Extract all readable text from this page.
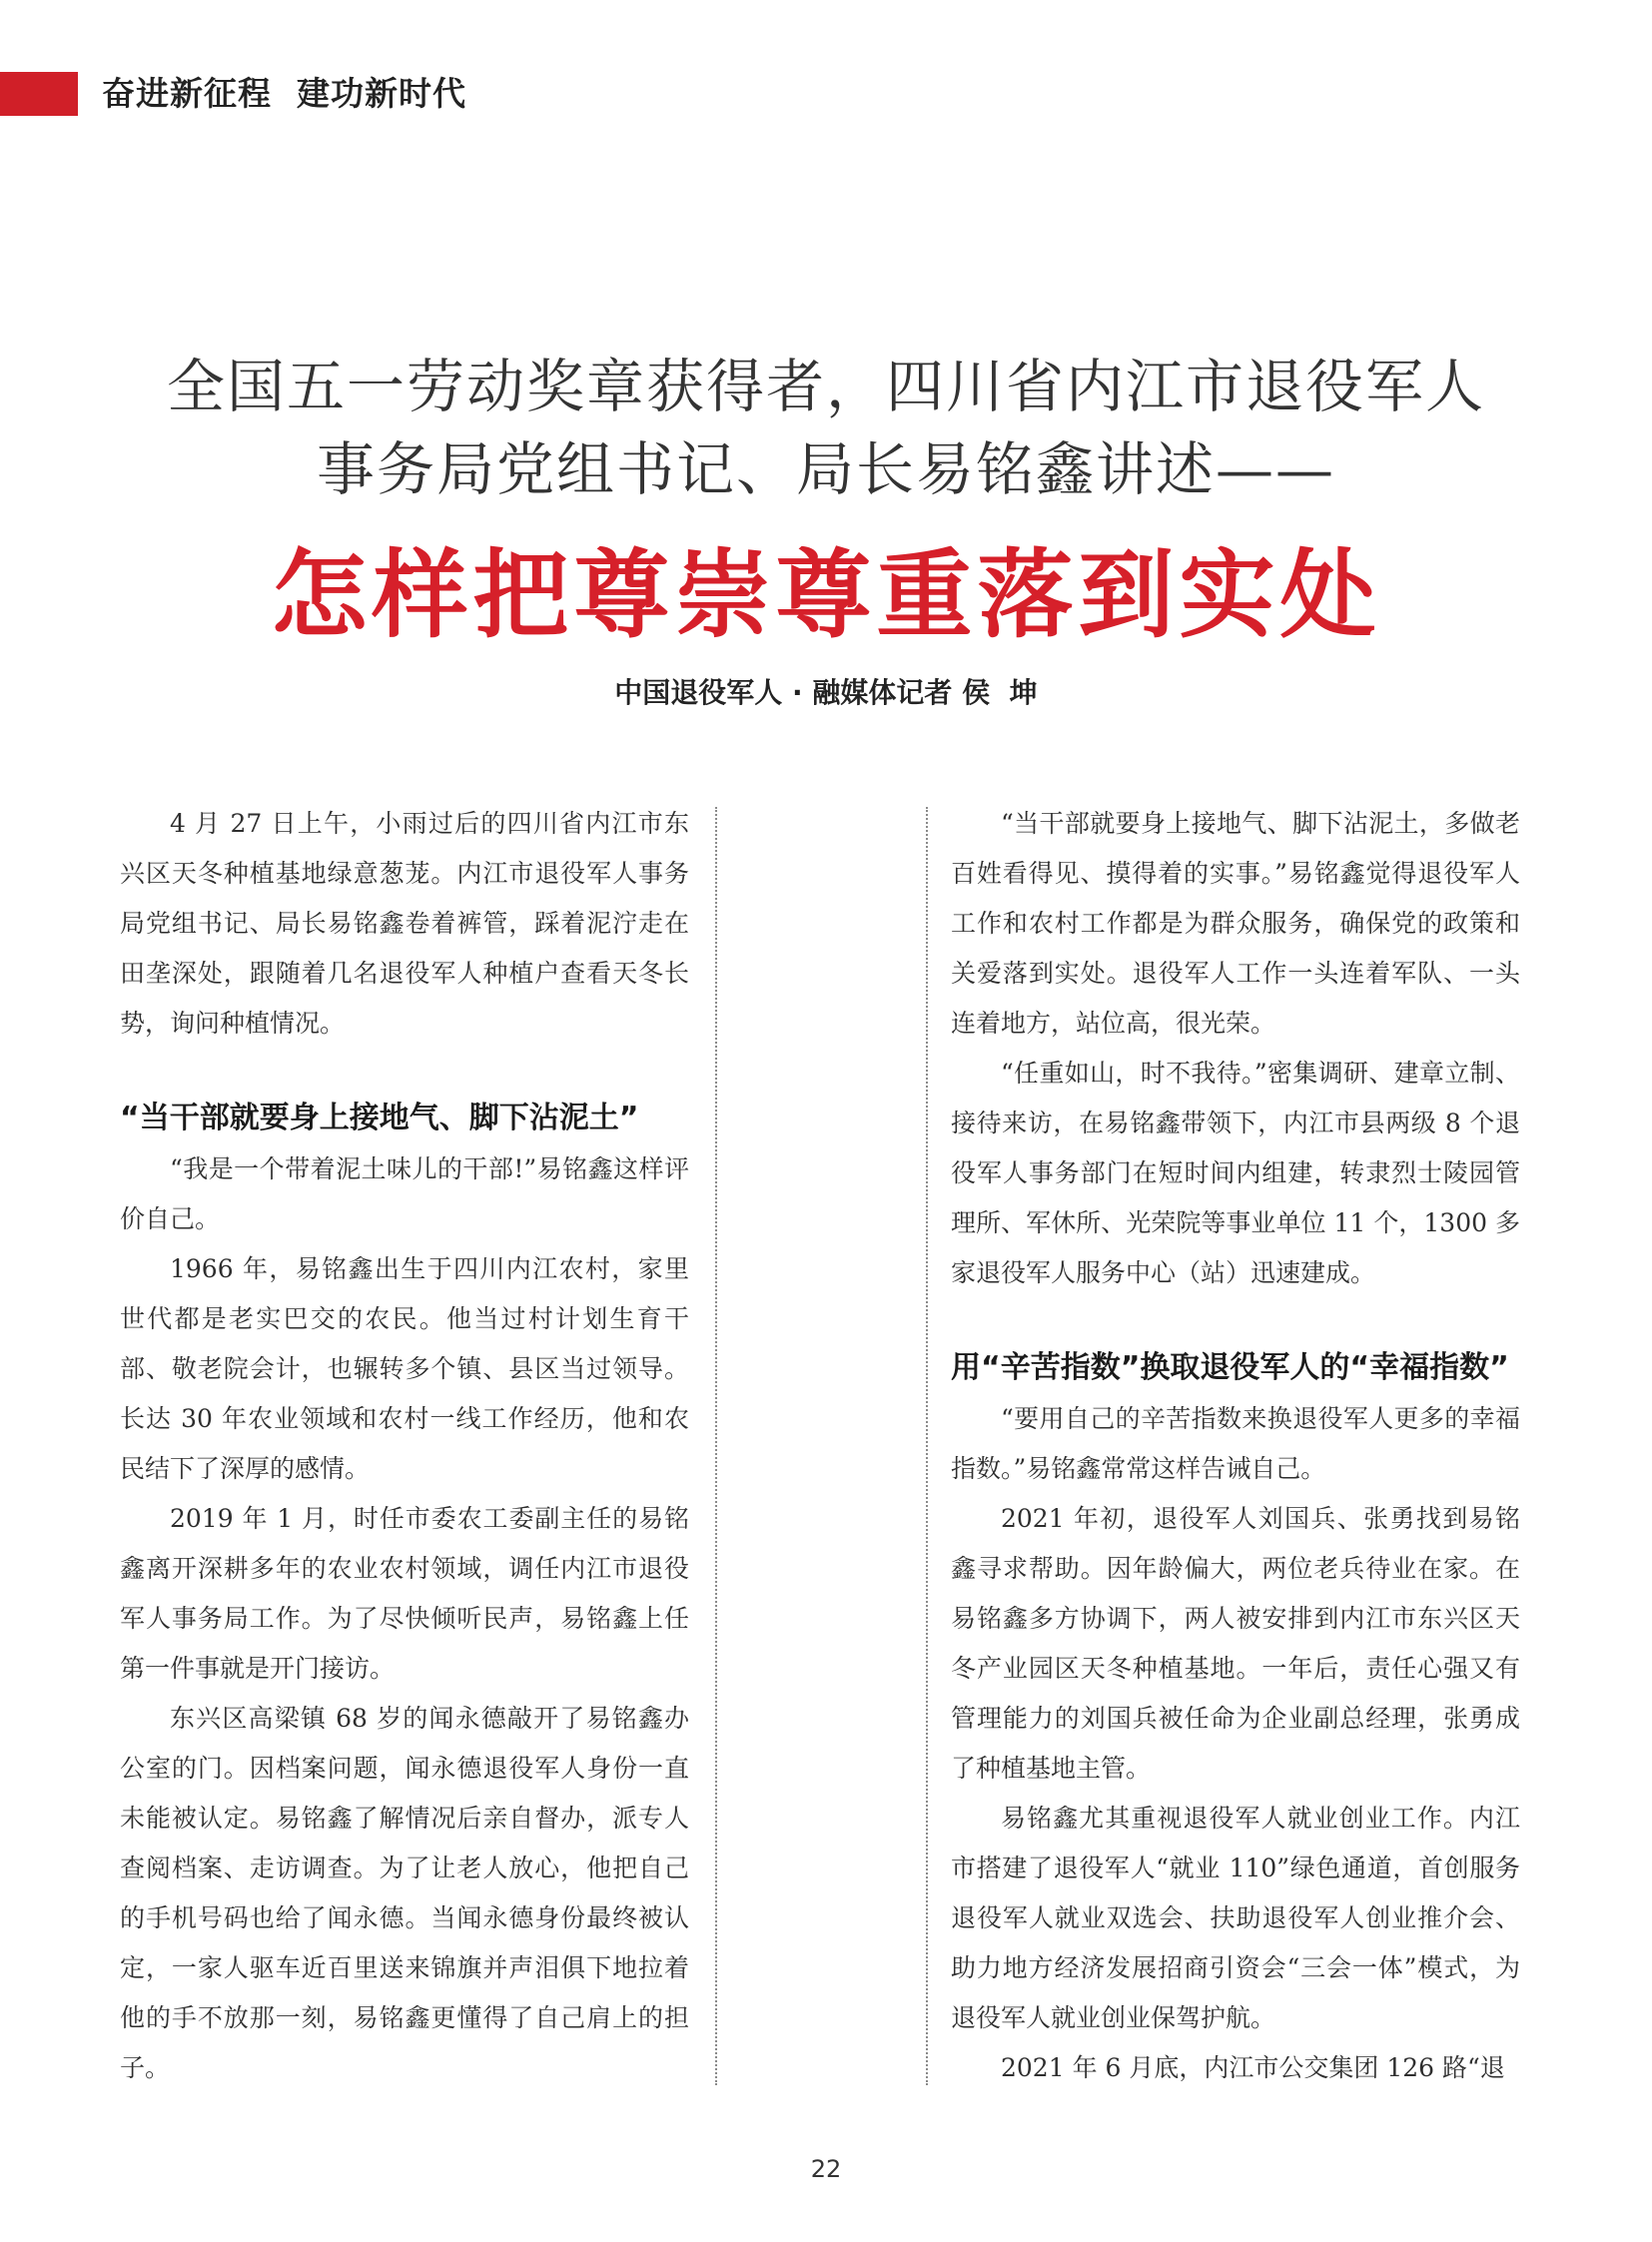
奋进新征程  建功新时代
全国五一劳动奖章获得者，四川省内江市退役军人
事务局党组书记、局长易铭鑫讲述——
怎样把尊崇尊重落到实处
中国退役军人 · 融媒体记者 侯  坤

4 月 27 日上午，小雨过后的四川省内江市东兴区天冬种植基地绿意葱茏。内江市退役军人事务局党组书记、局长易铭鑫卷着裤管，踩着泥泞走在田垄深处，跟随着几名退役军人种植户查看天冬长势，询问种植情况。

“当干部就要身上接地气、脚下沾泥土”

“我是一个带着泥土味儿的干部!”易铭鑫这样评价自己。

1966 年，易铭鑫出生于四川内江农村，家里世代都是老实巴交的农民。他当过村计划生育干部、敬老院会计，也辗转多个镇、县区当过领导。长达 30 年农业领域和农村一线工作经历，他和农民结下了深厚的感情。

2019 年 1 月，时任市委农工委副主任的易铭鑫离开深耕多年的农业农村领域，调任内江市退役军人事务局工作。为了尽快倾听民声，易铭鑫上任第一件事就是开门接访。

东兴区高梁镇 68 岁的闻永德敲开了易铭鑫办公室的门。因档案问题，闻永德退役军人身份一直未能被认定。易铭鑫了解情况后亲自督办，派专人查阅档案、走访调查。为了让老人放心，他把自己的手机号码也给了闻永德。当闻永德身份最终被认定，一家人驱车近百里送来锦旗并声泪俱下地拉着他的手不放那一刻，易铭鑫更懂得了自己肩上的担子。

“当干部就要身上接地气、脚下沾泥土，多做老百姓看得见、摸得着的实事。”易铭鑫觉得退役军人工作和农村工作都是为群众服务，确保党的政策和关爱落到实处。退役军人工作一头连着军队、一头连着地方，站位高，很光荣。

“任重如山，时不我待。”密集调研、建章立制、接待来访，在易铭鑫带领下，内江市县两级 8 个退役军人事务部门在短时间内组建，转隶烈士陵园管理所、军休所、光荣院等事业单位 11 个，1300 多家退役军人服务中心（站）迅速建成。

用“辛苦指数”换取退役军人的“幸福指数”

“要用自己的辛苦指数来换退役军人更多的幸福指数。”易铭鑫常常这样告诫自己。

2021 年初，退役军人刘国兵、张勇找到易铭鑫寻求帮助。因年龄偏大，两位老兵待业在家。在易铭鑫多方协调下，两人被安排到内江市东兴区天冬产业园区天冬种植基地。一年后，责任心强又有管理能力的刘国兵被任命为企业副总经理，张勇成了种植基地主管。

易铭鑫尤其重视退役军人就业创业工作。内江市搭建了退役军人“就业 110”绿色通道，首创服务退役军人就业双选会、扶助退役军人创业推介会、助力地方经济发展招商引资会“三会一体”模式，为退役军人就业创业保驾护航。

2021 年 6 月底，内江市公交集团 126 路“退

22
